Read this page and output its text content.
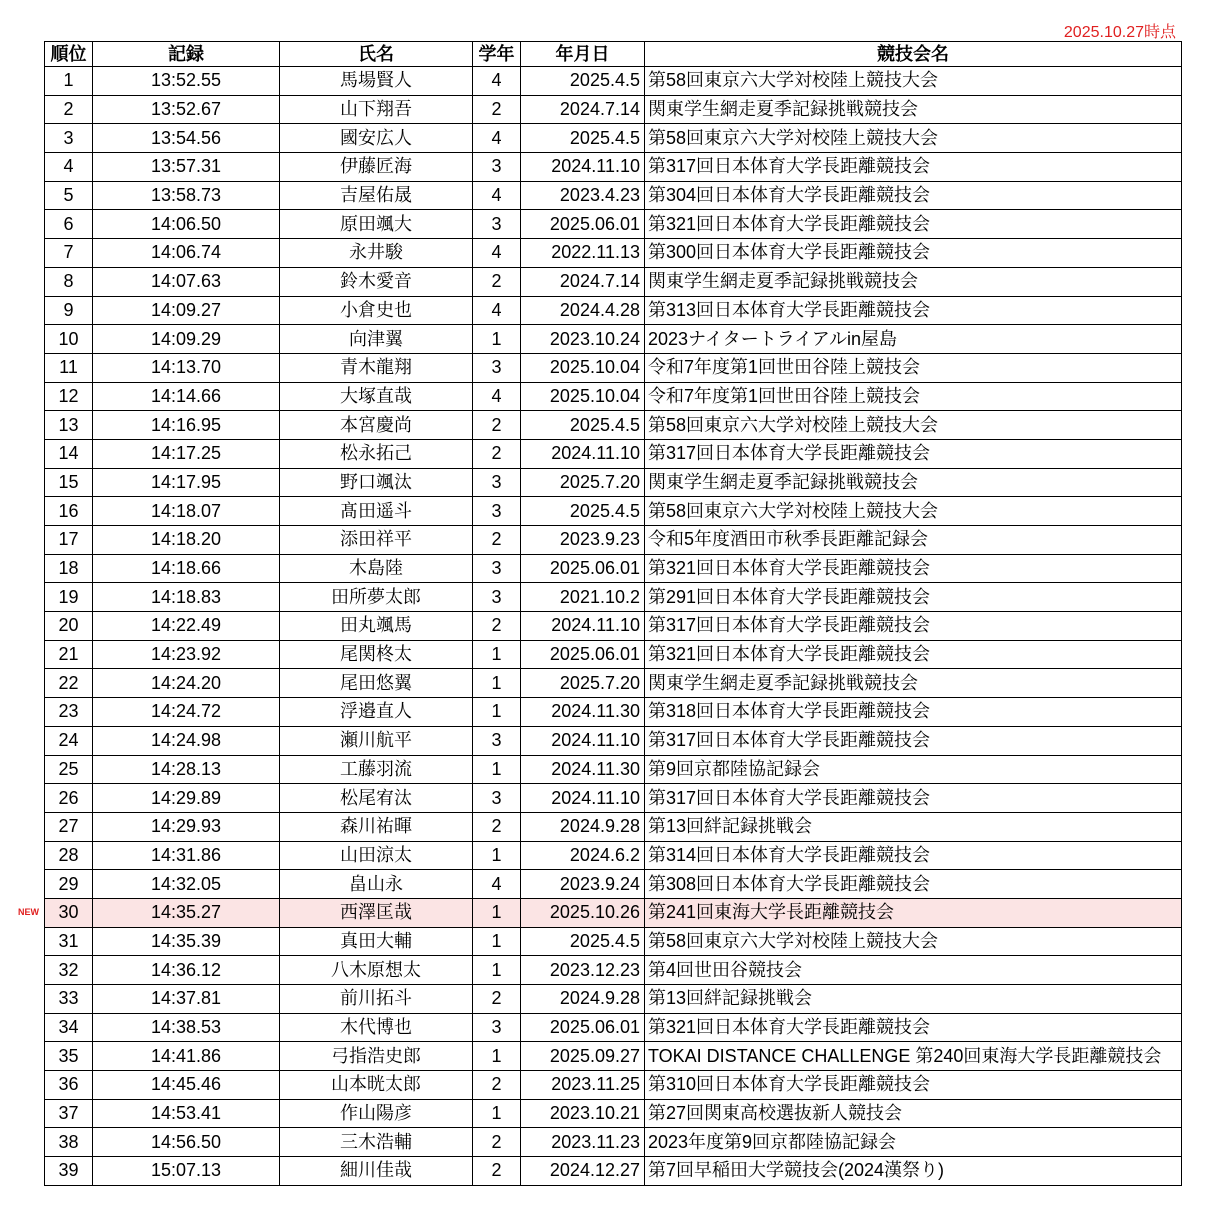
2025.10.27時点
順位	記録	氏名	学年	年月日	競技会名
1	13:52.55	馬場賢人	4	2025.4.5	第58回東京六大学対校陸上競技大会
2	13:52.67	山下翔吾	2	2024.7.14	関東学生網走夏季記録挑戦競技会
3	13:54.56	國安広人	4	2025.4.5	第58回東京六大学対校陸上競技大会
4	13:57.31	伊藤匠海	3	2024.11.10	第317回日本体育大学長距離競技会
5	13:58.73	吉屋佑晟	4	2023.4.23	第304回日本体育大学長距離競技会
6	14:06.50	原田颯大	3	2025.06.01	第321回日本体育大学長距離競技会
7	14:06.74	永井駿	4	2022.11.13	第300回日本体育大学長距離競技会
8	14:07.63	鈴木愛音	2	2024.7.14	関東学生網走夏季記録挑戦競技会
9	14:09.27	小倉史也	4	2024.4.28	第313回日本体育大学長距離競技会
10	14:09.29	向津翼	1	2023.10.24	2023ナイタートライアルin屋島
11	14:13.70	青木龍翔	3	2025.10.04	令和7年度第1回世田谷陸上競技会
12	14:14.66	大塚直哉	4	2025.10.04	令和7年度第1回世田谷陸上競技会
13	14:16.95	本宮慶尚	2	2025.4.5	第58回東京六大学対校陸上競技大会
14	14:17.25	松永拓己	2	2024.11.10	第317回日本体育大学長距離競技会
15	14:17.95	野口颯汰	3	2025.7.20	関東学生網走夏季記録挑戦競技会
16	14:18.07	髙田遥斗	3	2025.4.5	第58回東京六大学対校陸上競技大会
17	14:18.20	添田祥平	2	2023.9.23	令和5年度酒田市秋季長距離記録会
18	14:18.66	木島陸	3	2025.06.01	第321回日本体育大学長距離競技会
19	14:18.83	田所夢太郎	3	2021.10.2	第291回日本体育大学長距離競技会
20	14:22.49	田丸颯馬	2	2024.11.10	第317回日本体育大学長距離競技会
21	14:23.92	尾関柊太	1	2025.06.01	第321回日本体育大学長距離競技会
22	14:24.20	尾田悠翼	1	2025.7.20	関東学生網走夏季記録挑戦競技会
23	14:24.72	浮邉直人	1	2024.11.30	第318回日本体育大学長距離競技会
24	14:24.98	瀬川航平	3	2024.11.10	第317回日本体育大学長距離競技会
25	14:28.13	工藤羽流	1	2024.11.30	第9回京都陸協記録会
26	14:29.89	松尾宥汰	3	2024.11.10	第317回日本体育大学長距離競技会
27	14:29.93	森川祐暉	2	2024.9.28	第13回絆記録挑戦会
28	14:31.86	山田涼太	1	2024.6.2	第314回日本体育大学長距離競技会
29	14:32.05	畠山永	4	2023.9.24	第308回日本体育大学長距離競技会
30	14:35.27	西澤匡哉	1	2025.10.26	第241回東海大学長距離競技会
31	14:35.39	真田大輔	1	2025.4.5	第58回東京六大学対校陸上競技大会
32	14:36.12	八木原想太	1	2023.12.23	第4回世田谷競技会
33	14:37.81	前川拓斗	2	2024.9.28	第13回絆記録挑戦会
34	14:38.53	木代博也	3	2025.06.01	第321回日本体育大学長距離競技会
35	14:41.86	弓指浩史郎	1	2025.09.27	TOKAI DISTANCE CHALLENGE 第240回東海大学長距離競技会
36	14:45.46	山本晄太郎	2	2023.11.25	第310回日本体育大学長距離競技会
37	14:53.41	作山陽彦	1	2023.10.21	第27回関東高校選抜新人競技会
38	14:56.50	三木浩輔	2	2023.11.23	2023年度第9回京都陸協記録会
39	15:07.13	細川佳哉	2	2024.12.27	第7回早稲田大学競技会(2024漢祭り)
NEW
